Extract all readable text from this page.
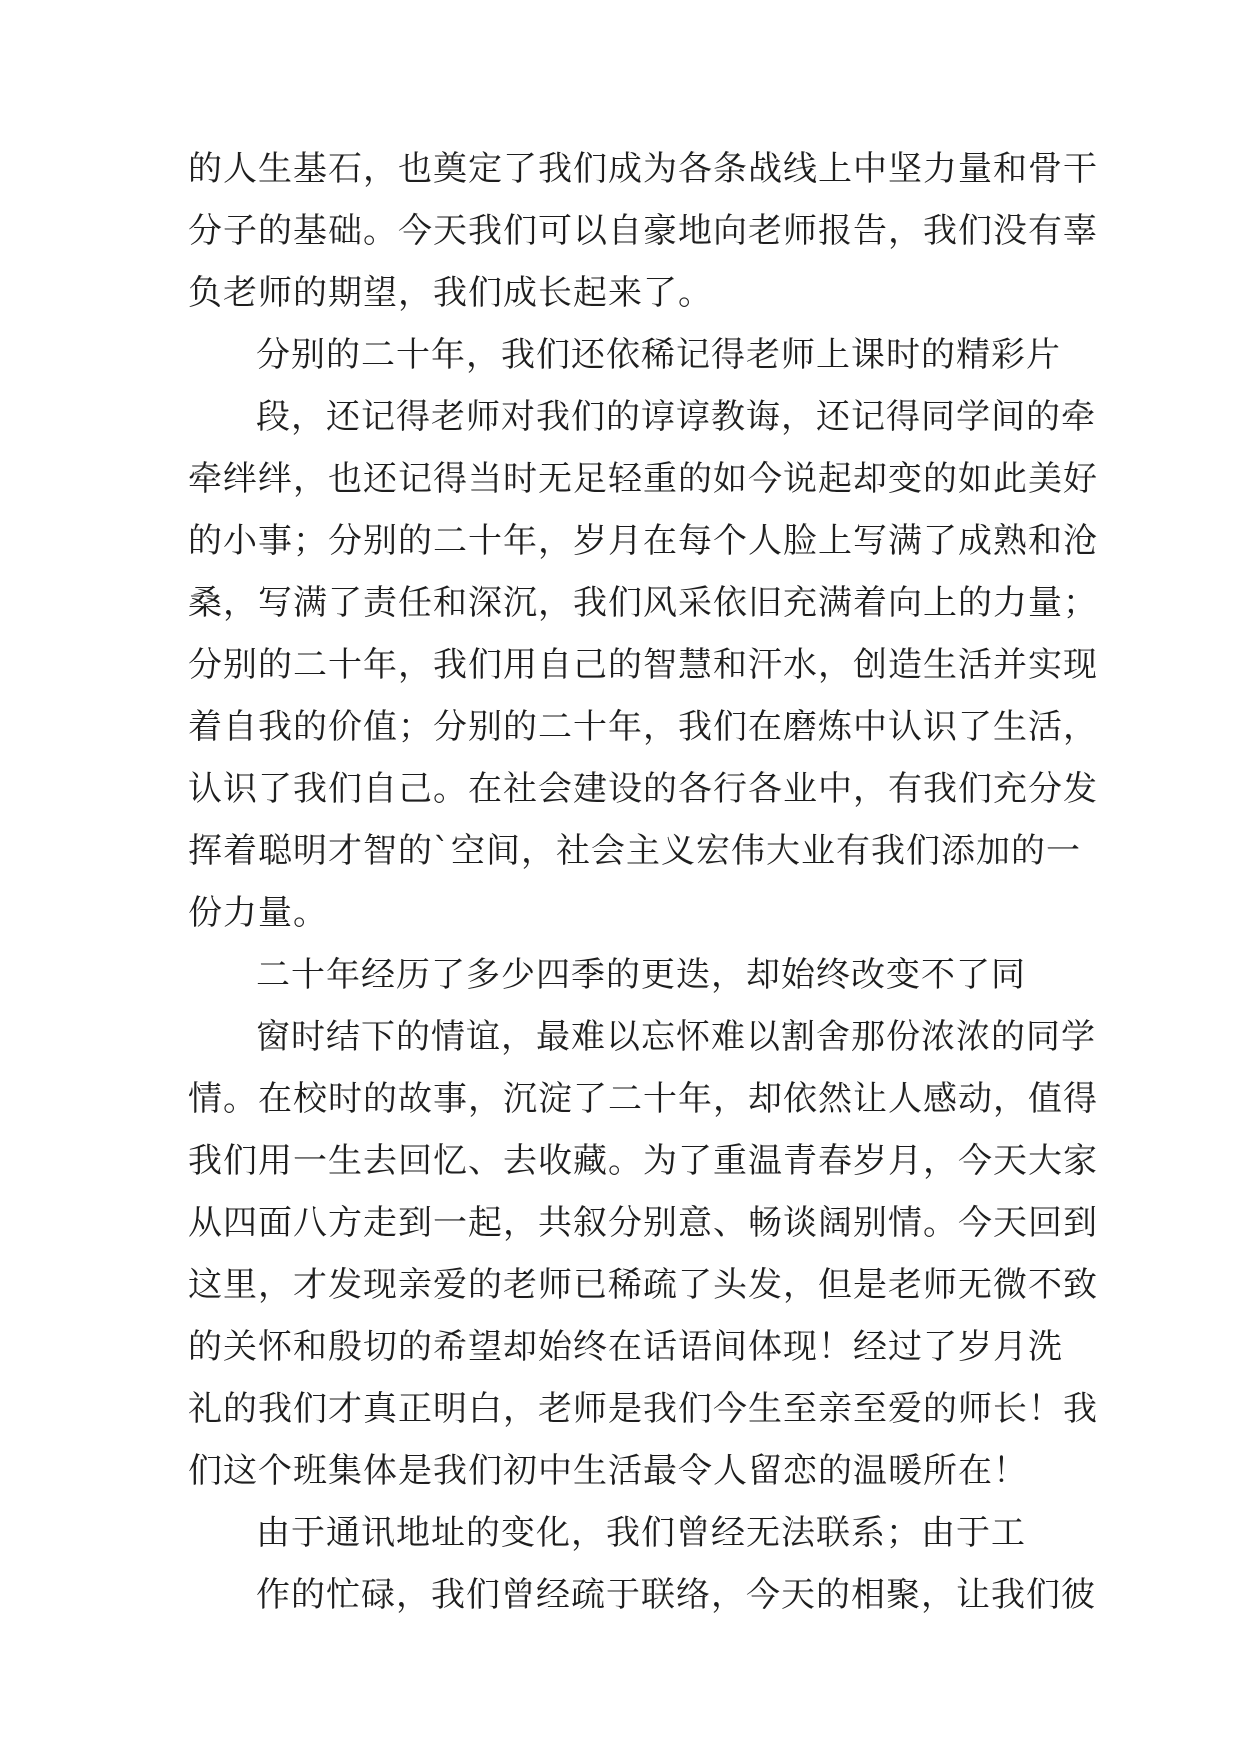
的人生基石，也奠定了我们成为各条战线上中坚力量和骨干
分子的基础。今天我们可以自豪地向老师报告，我们没有辜
负老师的期望，我们成长起来了。
分别的二十年，我们还依稀记得老师上课时的精彩片
段，还记得老师对我们的谆谆教诲，还记得同学间的牵
牵绊绊，也还记得当时无足轻重的如今说起却变的如此美好
的小事；分别的二十年，岁月在每个人脸上写满了成熟和沧
桑，写满了责任和深沉，我们风采依旧充满着向上的力量；
分别的二十年，我们用自己的智慧和汗水，创造生活并实现
着自我的价值；分别的二十年，我们在磨炼中认识了生活，
认识了我们自己。在社会建设的各行各业中，有我们充分发
挥着聪明才智的`空间，社会主义宏伟大业有我们添加的一
份力量。
二十年经历了多少四季的更迭，却始终改变不了同
窗时结下的情谊，最难以忘怀难以割舍那份浓浓的同学
情。在校时的故事，沉淀了二十年，却依然让人感动，值得
我们用一生去回忆、去收藏。为了重温青春岁月，今天大家
从四面八方走到一起，共叙分别意、畅谈阔别情。今天回到
这里，才发现亲爱的老师已稀疏了头发，但是老师无微不致
的关怀和殷切的希望却始终在话语间体现！经过了岁月洗
礼的我们才真正明白，老师是我们今生至亲至爱的师长！我
们这个班集体是我们初中生活最令人留恋的温暖所在！
由于通讯地址的变化，我们曾经无法联系；由于工
作的忙碌，我们曾经疏于联络，今天的相聚，让我们彼
